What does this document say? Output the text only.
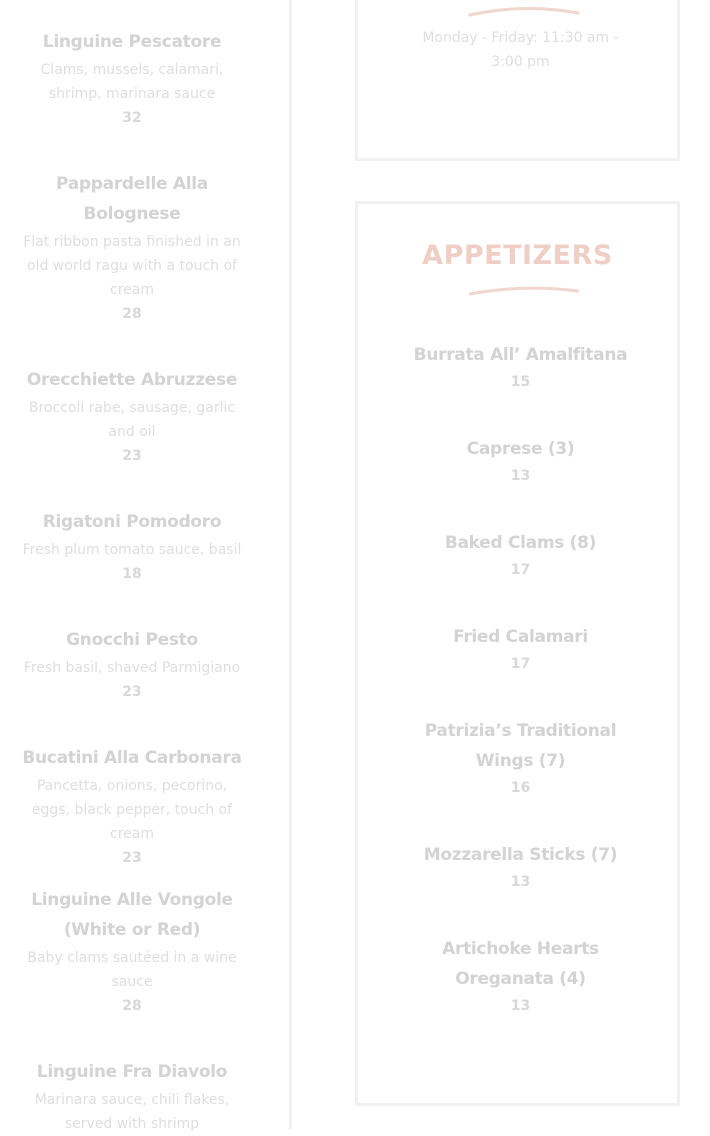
Linguine Pescatore
Clams, mussels, calamari, shrimp, marinara sauce
32
Pappardelle Alla Bolognese
Flat ribbon pasta finished in an old world ragu with a touch of cream
28
Orecchiette Abruzzese
Broccoli rabe, sausage, garlic and oil
23
Rigatoni Pomodoro
Fresh plum tomato sauce, basil
18
Gnocchi Pesto
Fresh basil, shaved Parmigiano
23
Bucatini Alla Carbonara
Pancetta, onions, pecorino, eggs, black pepper, touch of cream
23
Linguine Alle Vongole (White or Red)
Baby clams sautéed in a wine sauce
28
Linguine Fra Diavolo
Marinara sauce, chili flakes, served with shrimp
Monday - Friday: 11:30 am - 3:00 pm
APPETIZERS
Burrata All’ Amalfitana
15
Caprese (3)
13
Baked Clams (8)
17
Fried Calamari
17
Patrizia’s Traditional Wings (7)
16
Mozzarella Sticks (7)
13
Artichoke Hearts Oreganata (4)
13
